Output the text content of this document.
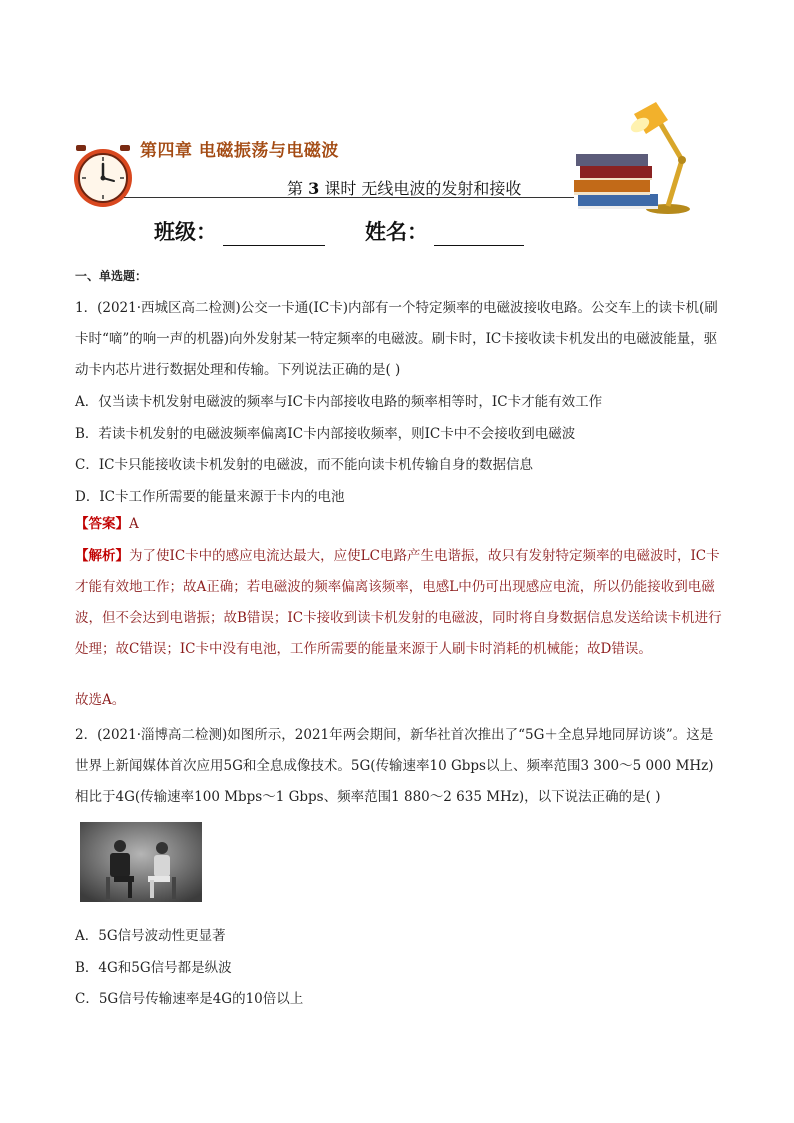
第四章 电磁振荡与电磁波
第 3 课时 无线电波的发射和接收
班级：	姓名：
一、单选题：

1．(2021·西城区高二检测)公交一卡通(IC卡)内部有一个特定频率的电磁波接收电路。公交车上的读卡机(刷卡时“嘀”的响一声的机器)向外发射某一特定频率的电磁波。刷卡时，IC卡接收读卡机发出的电磁波能量，驱动卡内芯片进行数据处理和传输。下列说法正确的是( )

A．仅当读卡机发射电磁波的频率与IC卡内部接收电路的频率相等时，IC卡才能有效工作
B．若读卡机发射的电磁波频率偏离IC卡内部接收频率，则IC卡中不会接收到电磁波
C．IC卡只能接收读卡机发射的电磁波，而不能向读卡机传输自身的数据信息
D．IC卡工作所需要的能量来源于卡内的电池
【答案】A
【解析】为了使IC卡中的感应电流达最大，应使LC电路产生电谐振，故只有发射特定频率的电磁波时，IC卡才能有效地工作；故A正确；若电磁波的频率偏离该频率，电感L中仍可出现感应电流，所以仍能接收到电磁波，但不会达到电谐振；故B错误；IC卡接收到读卡机发射的电磁波，同时将自身数据信息发送给读卡机进行处理；故C错误；IC卡中没有电池，工作所需要的能量来源于人刷卡时消耗的机械能；故D错误。
故选A。

2．(2021·淄博高二检测)如图所示，2021年两会期间，新华社首次推出了“5G＋全息异地同屏访谈”。这是世界上新闻媒体首次应用5G和全息成像技术。5G(传输速率10 Gbps以上、频率范围3 300～5 000 MHz)相比于4G(传输速率100 Mbps～1 Gbps、频率范围1 880～2 635 MHz)，以下说法正确的是( )

A．5G信号波动性更显著
B．4G和5G信号都是纵波
C．5G信号传输速率是4G的10倍以上
